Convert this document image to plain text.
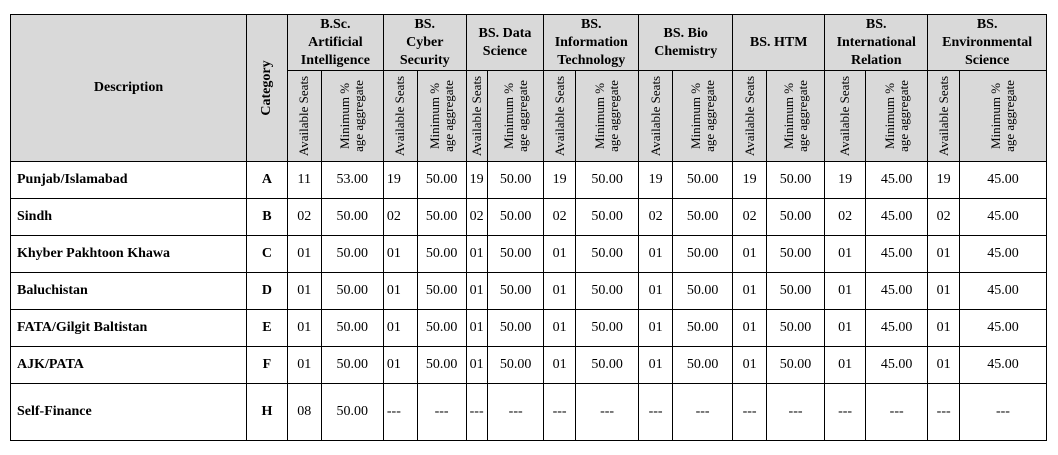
Description	Category	B.Sc.
Artificial
Intelligence		BS.
Cyber
Security		BS. Data
Science		BS.
Information
Technology		BS. Bio
Chemistry		BS. HTM		BS.
International
Relation		BS.
Environmental
Science	

		Available Seats	Minimum % age aggregate	Available Seats	Minimum % age aggregate	Available Seats	Minimum % age aggregate	Available Seats	Minimum % age aggregate	Available Seats	Minimum % age aggregate	Available Seats	Minimum % age aggregate	Available Seats	Minimum % age aggregate	Available Seats	Minimum % age aggregate

Punjab/Islamabad	A	11	53.00	19	50.00	19	50.00	19	50.00	19	50.00	19	50.00	19	45.00	19	45.00
Sindh	B	02	50.00	02	50.00	02	50.00	02	50.00	02	50.00	02	50.00	02	45.00	02	45.00
Khyber Pakhtoon Khawa	C	01	50.00	01	50.00	01	50.00	01	50.00	01	50.00	01	50.00	01	45.00	01	45.00
Baluchistan	D	01	50.00	01	50.00	01	50.00	01	50.00	01	50.00	01	50.00	01	45.00	01	45.00
FATA/Gilgit Baltistan	E	01	50.00	01	50.00	01	50.00	01	50.00	01	50.00	01	50.00	01	45.00	01	45.00
AJK/PATA	F	01	50.00	01	50.00	01	50.00	01	50.00	01	50.00	01	50.00	01	45.00	01	45.00
Self-Finance	H	08	50.00	---	---	---	---	---	---	---	---	---	---	---	---	---	---
